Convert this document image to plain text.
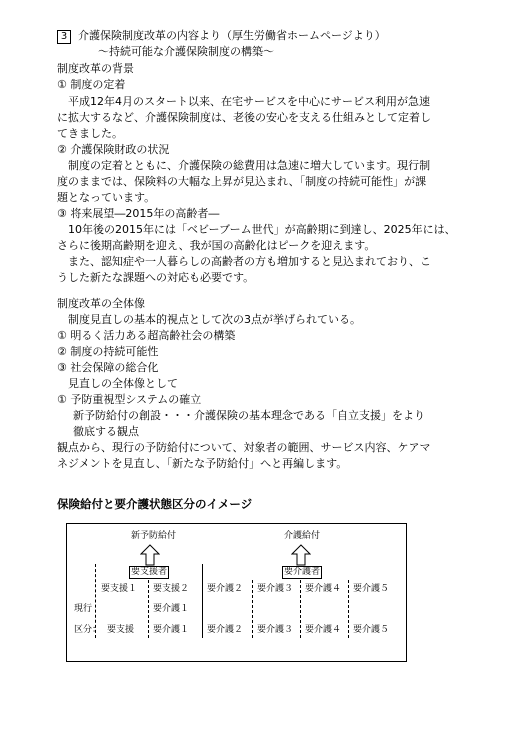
3 介護保険制度改革の内容より（厚生労働省ホームページより）
～持続可能な介護保険制度の構築～
制度改革の背景
① 制度の定着
　平成12年4月のスタート以来、在宅サービスを中心にサービス利用が急速
に拡大するなど、介護保険制度は、老後の安心を支える仕組みとして定着し
てきました。
② 介護保険財政の状況
　制度の定着とともに、介護保険の総費用は急速に増大しています。現行制
度のままでは、保険料の大幅な上昇が見込まれ、「制度の持続可能性」が課
題となっています。
③ 将来展望―2015年の高齢者―
　10年後の2015年には「ベビーブーム世代」が高齢期に到達し、2025年には、
さらに後期高齢期を迎え、我が国の高齢化はピークを迎えます。
　また、認知症や一人暮らしの高齢者の方も増加すると見込まれており、こ
うした新たな課題への対応も必要です。
制度改革の全体像
　制度見直しの基本的視点として次の3点が挙げられている。
① 明るく活力ある超高齢社会の構築
② 制度の持続可能性
③ 社会保障の総合化
　見直しの全体像として
① 予防重視型システムの確立
　新予防給付の創設・・・介護保険の基本理念である「自立支援」をより
　徹底する観点
観点から、現行の予防給付について、対象者の範囲、サービス内容、ケアマ
ネジメントを見直し、「新たな予防給付」へと再編します。
保険給付と要介護状態区分のイメージ
新予防給付	介護給付
要支援者	要介護者
要支援１ 要支援２ 要介護２ 要介護３ 要介護４ 要介護５
要介護１
現行
区分： 要支援 要介護１ 要介護２ 要介護３ 要介護４ 要介護５
